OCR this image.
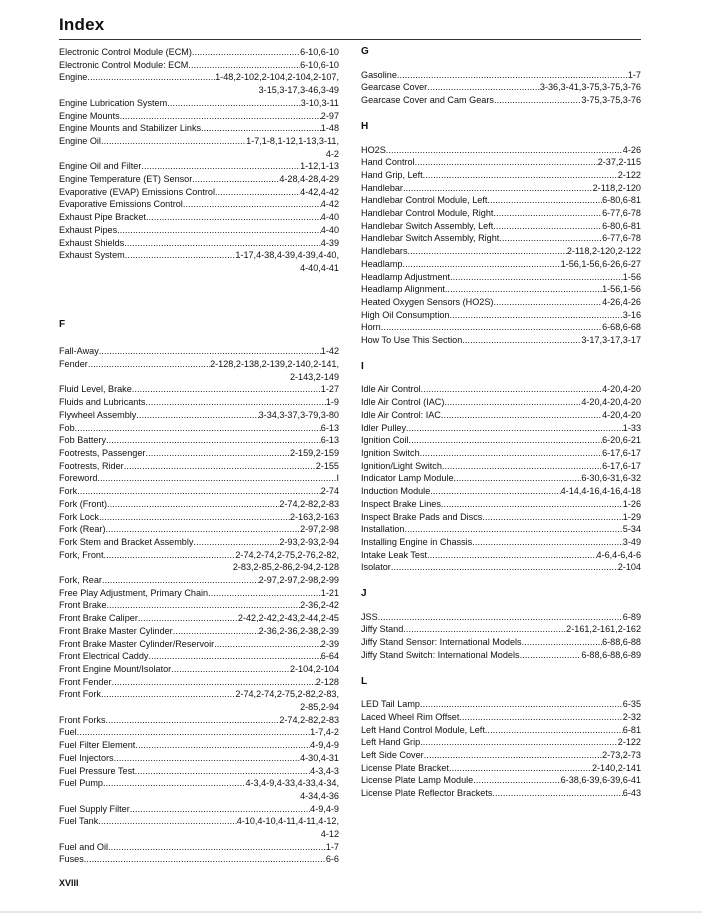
Index
Electronic Control Module (ECM) .....	6-10,6-10
Electronic Control Module: ECM .....	6-10,6-10
Engine .....	1-48,2-102,2-104,2-104,2-107,
3-15,3-17,3-46,3-49
Engine Lubrication System .....	3-10,3-11
Engine Mounts .....	2-97
Engine Mounts and Stabilizer Links .....	1-48
Engine Oil .....	1-7,1-8,1-12,1-13,3-11,
4-2
Engine Oil and Filter .....	1-12,1-13
Engine Temperature (ET) Sensor .....	4-28,4-28,4-29
Evaporative (EVAP) Emissions Control .....	4-42,4-42
Evaporative Emissions Control .....	4-42
Exhaust Pipe Bracket .....	4-40
Exhaust Pipes .....	4-40
Exhaust Shields .....	4-39
Exhaust System .....	1-17,4-38,4-39,4-39,4-40,
4-40,4-41
F
Fall-Away .....	1-42
Fender .....	2-128,2-138,2-139,2-140,2-141,
2-143,2-149
Fluid Level, Brake .....	1-27
Fluids and Lubricants .....	1-9
Flywheel Assembly .....	3-34,3-37,3-79,3-80
Fob .....	6-13
Fob Battery .....	6-13
Footrests, Passenger .....	2-159,2-159
Footrests, Rider .....	2-155
Foreword .....	I
Fork .....	2-74
Fork (Front) .....	2-74,2-82,2-83
Fork Lock .....	2-163,2-163
Fork (Rear) .....	2-97,2-98
Fork Stem and Bracket Assembly .....	2-93,2-93,2-94
Fork, Front .....	2-74,2-74,2-75,2-76,2-82,
2-83,2-85,2-86,2-94,2-128
Fork, Rear .....	2-97,2-97,2-98,2-99
Free Play Adjustment, Primary Chain .....	1-21
Front Brake .....	2-36,2-42
Front Brake Caliper .....	2-42,2-42,2-43,2-44,2-45
Front Brake Master Cylinder .....	2-36,2-36,2-38,2-39
Front Brake Master Cylinder/Reservoir .....	2-39
Front Electrical Caddy .....	6-64
Front Engine Mount/Isolator .....	2-104,2-104
Front Fender .....	2-128
Front Fork .....	2-74,2-74,2-75,2-82,2-83,
2-85,2-94
Front Forks .....	2-74,2-82,2-83
Fuel .....	1-7,4-2
Fuel Filter Element .....	4-9,4-9
Fuel Injectors .....	4-30,4-31
Fuel Pressure Test .....	4-3,4-3
Fuel Pump .....	4-3,4-9,4-33,4-33,4-34,
4-34,4-36
Fuel Supply Filter .....	4-9,4-9
Fuel Tank .....	4-10,4-10,4-11,4-11,4-12,
4-12
Fuel and Oil .....	1-7
Fuses .....	6-6
G
Gasoline .....	1-7
Gearcase Cover .....	3-36,3-41,3-75,3-75,3-76
Gearcase Cover and Cam Gears .....	3-75,3-75,3-76
H
HO2S .....	4-26
Hand Control .....	2-37,2-115
Hand Grip, Left .....	2-122
Handlebar .....	2-118,2-120
Handlebar Control Module, Left .....	6-80,6-81
Handlebar Control Module, Right .....	6-77,6-78
Handlebar Switch Assembly, Left .....	6-80,6-81
Handlebar Switch Assembly, Right .....	6-77,6-78
Handlebars .....	2-118,2-120,2-122
Headlamp .....	1-56,1-56,6-26,6-27
Headlamp Adjustment .....	1-56
Headlamp Alignment .....	1-56,1-56
Heated Oxygen Sensors (HO2S) .....	4-26,4-26
High Oil Consumption .....	3-16
Horn .....	6-68,6-68
How To Use This Section .....	3-17,3-17,3-17
I
Idle Air Control .....	4-20,4-20
Idle Air Control (IAC) .....	4-20,4-20,4-20
Idle Air Control: IAC .....	4-20,4-20
Idler Pulley .....	1-33
Ignition Coil .....	6-20,6-21
Ignition Switch .....	6-17,6-17
Ignition/Light Switch .....	6-17,6-17
Indicator Lamp Module .....	6-30,6-31,6-32
Induction Module .....	4-14,4-16,4-16,4-18
Inspect Brake Lines .....	1-26
Inspect Brake Pads and Discs .....	1-29
Installation .....	5-34
Installing Engine in Chassis .....	3-49
Intake Leak Test .....	4-6,4-6,4-6
Isolator .....	2-104
J
JSS .....	6-89
Jiffy Stand .....	2-161,2-161,2-162
Jiffy Stand Sensor: International Models .....	6-88,6-88
Jiffy Stand Switch: International Models .....	6-88,6-88,6-89
L
LED Tail Lamp .....	6-35
Laced Wheel Rim Offset .....	2-32
Left Hand Control Module, Left .....	6-81
Left Hand Grip .....	2-122
Left Side Cover .....	2-73,2-73
License Plate Bracket .....	2-140,2-141
License Plate Lamp Module .....	6-38,6-39,6-39,6-41
License Plate Reflector Brackets .....	6-43
XVIII
